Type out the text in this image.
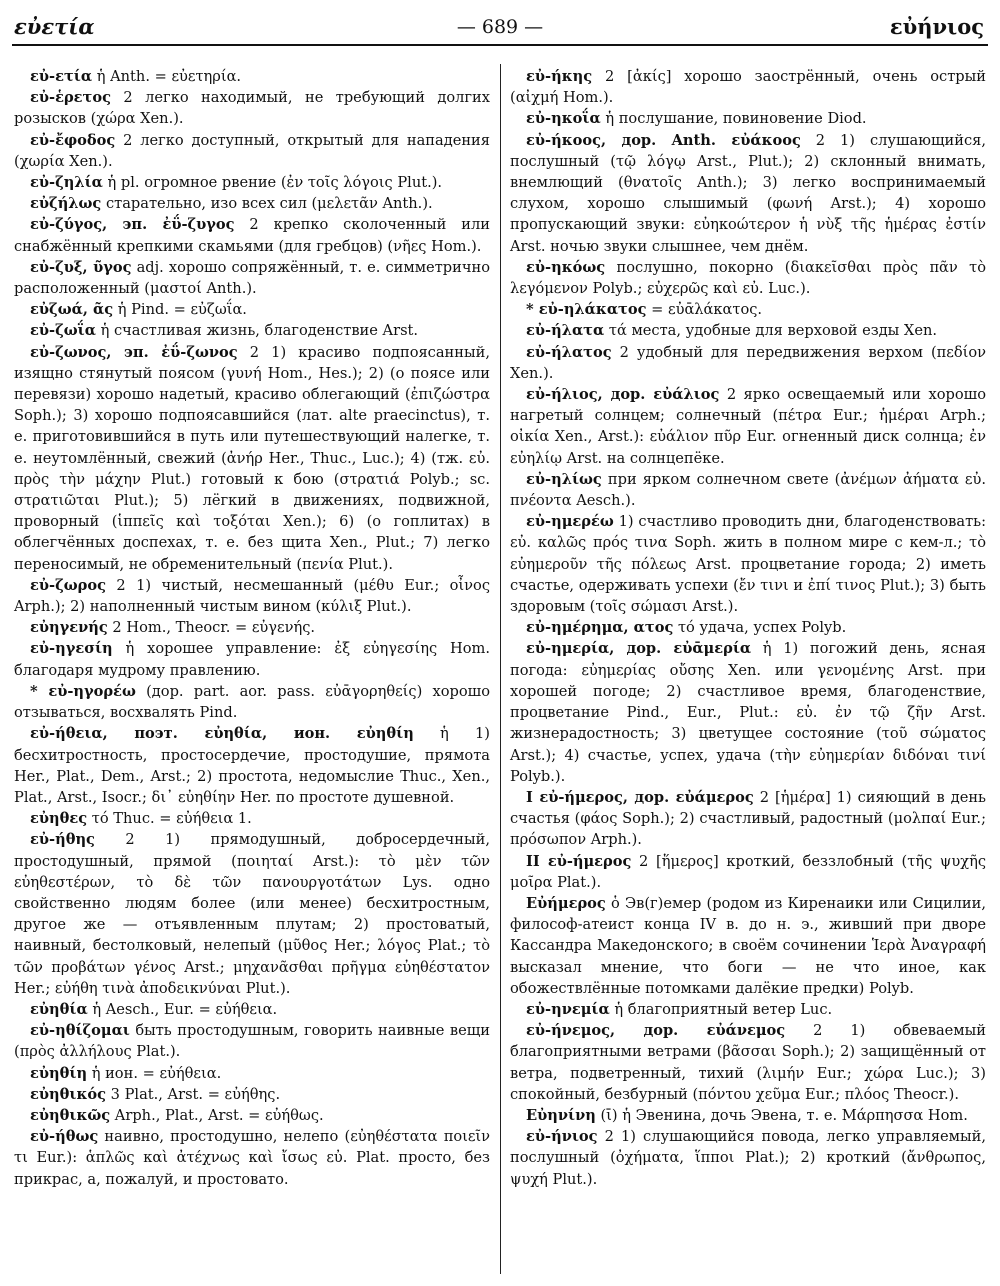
εὐετία	— 689 —	εὐήνιος
εὐ-ετία ἡ Anth. = εὐετηρία.
εὐ-ἑρετος 2 легко находимый, не требующий долгих розысков (χώρα Xen.).
εὐ-ἔφοδος 2 легко доступный, открытый для нападения (χωρία Xen.).
εὐ-ζηλία ἡ pl. огромное рвение (ἐν τοῖς λόγοις Plut.).
εὐζήλως старательно, изо всех сил (μελετᾶν Anth.).
εὐ-ζύγος, эп. ἐΰ-ζυγος 2 крепко сколоченный или снабжённый крепкими скамьями (для гребцов) (νῆες Hom.).
εὐ-ζυξ, ῦγος adj. хорошо сопряжённый, т. е. симметрично расположенный (μαστοί Anth.).
εὐζωά, ᾶς ἡ Pind. = εὐζωΐα.
εὐ-ζωΐα ἡ счастливая жизнь, благоденствие Arst.
εὐ-ζωνος, эп. ἐΰ-ζωνος 2 1) красиво подпоясанный, изящно стянутый поясом (γυνή Hom., Hes.); 2) (о поясе или перевязи) хорошо надетый, красиво облегающий (ἐπιζώστρα Soph.); 3) хорошо подпоясавшийся (лат. alte praecinctus), т. е. приготовившийся в путь или путешествующий налегке, т. е. неутомлённый, свежий (ἀνήρ Her., Thuc., Luc.); 4) (тж. εὐ. πρὸς τὴν μάχην Plut.) готовый к бою (στρατιά Polyb.; sc. στρατιῶται Plut.); 5) лёгкий в движениях, подвижной, проворный (ἱππεῖς καὶ τοξόται Xen.); 6) (о гоплитах) в облегчённых доспехах, т. е. без щита Xen., Plut.; 7) легко переносимый, не обременительный (πενία Plut.).
εὐ-ζωρος 2 1) чистый, несмешанный (μέθυ Eur.; οἶνος Arph.); 2) наполненный чистым вином (κύλιξ Plut.).
εὐηγενής 2 Hom., Theocr. = εὐγενής.
εὐ-ηγεσίη ἡ хорошее управление: ἐξ εὐηγεσίης Hom. благодаря мудрому правлению.
* εὐ-ηγορέω (дор. part. aor. pass. εὐᾱγορηθείς) хорошо отзываться, восхвалять Pind.
εὐ-ήθεια, поэт. εὐηθία, ион. εὐηθίη ἡ 1) бесхитростность, простосердечие, простодушие, прямота Her., Plat., Dem., Arst.; 2) простота, недомыслие Thuc., Xen., Plat., Arst., Isocr.; δι᾽ εὐηθίην Her. по простоте душевной.
εὐηθες τό Thuc. = εὐήθεια 1.
εὐ-ήθης 2 1) прямодушный, добросердечный, простодушный, прямой (ποιηταί Arst.): τὸ μὲν τῶν εὐηθεστέρων, τὸ δὲ τῶν πανουργοτάτων Lys. одно свойственно людям более (или менее) бесхитростным, другое же — отъявленным плутам; 2) простоватый, наивный, бестолковый, нелепый (μῦθος Her.; λόγος Plat.; τὸ τῶν προβάτων γένος Arst.; μηχανᾶσθαι πρῆγμα εὐηθέστατον Her.; εὐήθη τινὰ ἀποδεικνύναι Plut.).
εὐηθία ἡ Aesch., Eur. = εὐήθεια.
εὐ-ηθίζομαι быть простодушным, говорить наивные вещи (πρὸς ἀλλήλους Plat.).
εὐηθίη ἡ ион. = εὐήθεια.
εὐηθικός 3 Plat., Arst. = εὐήθης.
εὐηθικῶς Arph., Plat., Arst. = εὐήθως.
εὐ-ήθως наивно, простодушно, нелепо (εὐηθέστατα ποιεῖν τι Eur.): ἁπλῶς καὶ ἀτέχνως καὶ ἴσως εὐ. Plat. просто, без прикрас, а, пожалуй, и простовато.
εὐ-ήκης 2 [ἀκίς] хорошо заострённый, очень острый (αἰχμή Hom.).
εὐ-ηκοΐα ἡ послушание, повиновение Diod.
εὐ-ήκοος, дор. Anth. εὐάκοος 2 1) слушающийся, послушный (τῷ λόγῳ Arst., Plut.); 2) склонный внимать, внемлющий (θνατοῖς Anth.); 3) легко воспринимаемый слухом, хорошо слышимый (φωνή Arst.); 4) хорошо пропускающий звуки: εὐηκοώτερον ἡ νὺξ τῆς ἡμέρας ἐστίν Arst. ночью звуки слышнее, чем днём.
εὐ-ηκόως послушно, покорно (διακεῖσθαι πρὸς πᾶν τὸ λεγόμενον Polyb.; εὐχερῶς καὶ εὐ. Luc.).
* εὐ-ηλάκατος = εὐᾱλάκατος.
εὐ-ήλατα τά места, удобные для верховой езды Xen.
εὐ-ήλατος 2 удобный для передвижения верхом (πεδίον Xen.).
εὐ-ήλιος, дор. εὐάλιος 2 ярко освещаемый или хорошо нагретый солнцем; солнечный (πέτρα Eur.; ἡμέραι Arph.; οἰκία Xen., Arst.): εὐάλιον πῦρ Eur. огненный диск солнца; ἐν εὐηλίῳ Arst. на солнцепёке.
εὐ-ηλίως при ярком солнечном свете (ἀνέμων ἀήματα εὐ. πνέοντα Aesch.).
εὐ-ημερέω 1) счастливо проводить дни, благоденствовать: εὐ. καλῶς πρός τινα Soph. жить в полном мире с кем-л.; τὸ εὐημεροῦν τῆς πόλεως Arst. процветание города; 2) иметь счастье, одерживать успехи (ἔν τινι и ἐπί τινος Plut.); 3) быть здоровым (τοῖς σώμασι Arst.).
εὐ-ημέρημα, ατος τό удача, успех Polyb.
εὐ-ημερία, дор. εὐᾱμερία ἡ 1) погожий день, ясная погода: εὐημερίας οὔσης Xen. или γενομένης Arst. при хорошей погоде; 2) счастливое время, благоденствие, процветание Pind., Eur., Plut.: εὐ. ἐν τῷ ζῆν Arst. жизнерадостность; 3) цветущее состояние (τοῦ σώματος Arst.); 4) счастье, успех, удача (τὴν εὐημερίαν διδόναι τινί Polyb.).
I εὐ-ήμερος, дор. εὐάμερος 2 [ἡμέρα] 1) сияющий в день счастья (φάος Soph.); 2) счастливый, радостный (μολπαί Eur.; πρόσωπον Arph.).
II εὐ-ήμερος 2 [ἥμερος] кроткий, беззлобный (τῆς ψυχῆς μοῖρα Plat.).
Εὐήμερος ὁ Эв(г)емер (родом из Киренаики или Сицилии, философ-атеист конца IV в. до н. э., живший при дворе Кассандра Македонского; в своём сочинении Ἱερὰ Ἀναγραφή высказал мнение, что боги — не что иное, как обожествлённые потомками далёкие предки) Polyb.
εὐ-ηνεμία ἡ благоприятный ветер Luc.
εὐ-ήνεμος, дор. εὐάνεμος 2 1) обвеваемый благоприятными ветрами (βᾶσσαι Soph.); 2) защищённый от ветра, подветренный, тихий (λιμήν Eur.; χώρα Luc.); 3) спокойный, безбурный (πόντου χεῦμα Eur.; πλόος Theocr.).
Εὐηνίνη (ῑ) ἡ Эвенина, дочь Эвена, т. е. Μάρπησσα Hom.
εὐ-ήνιος 2 1) слушающийся повода, легко управляемый, послушный (ὀχήματα, ἵπποι Plat.); 2) кроткий (ἄνθρωπος, ψυχή Plut.).
